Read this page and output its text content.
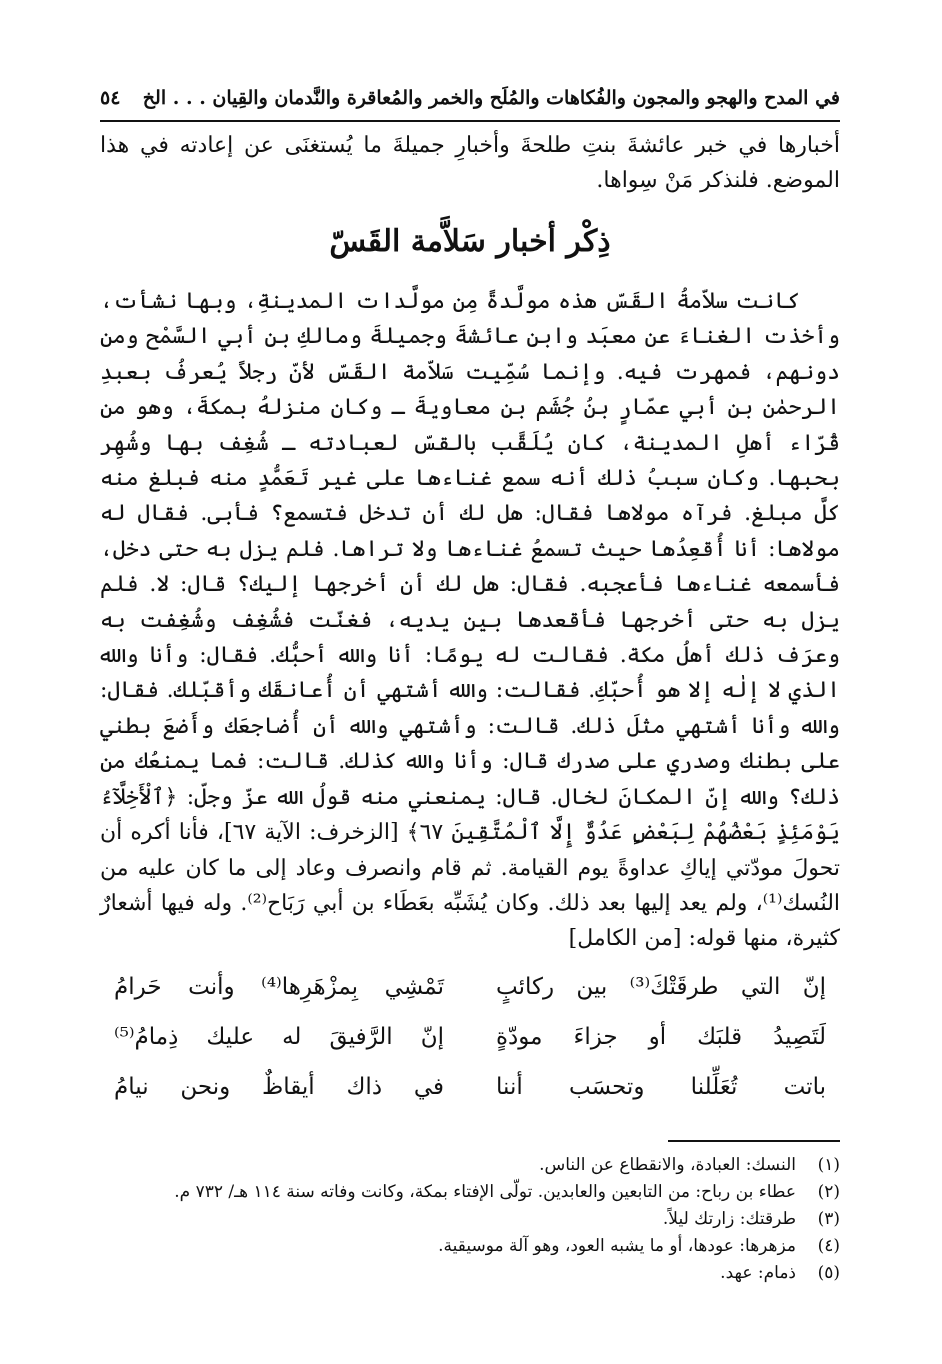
٥٤ في المدح والهجو والمجون والفُكاهات والمُلَح والخمر والمُعاقرة والنَّدمان والقِيان . . . الخ
أخبارها في خبر عائشةَ بنتِ طلحةَ وأخبارِ جميلةَ ما يُستغنَى عن إعادته في هذا الموضع. فلنذكر مَنْ سِواها.
ذِكْر أخبار سَلاَّمة القَسّ
كانت سلاّمةُ القَسّ هذه مولَّدةً مِن مولَّدات المدينةِ، وبها نشأت، وأخذت الغناءَ عن معبَد وابنِ عائشةَ وجميلةَ ومالكِ بنِ أبي السَّمْح ومن دونهم، فمهرت فيه. وإنما سُمِّيت سَلاّمة القَسّ لأنّ رجلاً يُعرفُ بعبدِ الرحمٰن بنِ أبي عمّارٍ بنُ جُشَم بنِ معاويةَ ـ وكان منزلهُ بمكةَ، وهو من قُرّاء أهلِ المدينة، كان يُلَقَّب بالقسّ لعبادته ـ شُغِف بها وشُهِر بحبها. وكان سببُ ذلك أنه سمع غناءها على غير تَعَمُّدٍ منه فبلغ منه كلَّ مبلغ. فرآه مولاها فقال: هل لك أن تدخل فتسمع؟ فأبى. فقال له مولاها: أنا أُقعِدُها حيث تسمعُ غناءها ولا تراها. فلم يزل به حتى دخل، فأسمعه غناءها فأعجبه. فقال: هل لك أن أخرجها إليك؟ قال: لا. فلم يزل به حتى أخرجها فأقعدها بين يديه، فغنّت فشُغِف وشُغِفت به وعرَف ذلك أهلُ مكة. فقالت له يومًا: أنا والله أحبُّك. فقال: وأنا والله الذي لا إلٰه إلا هو أُحبّكِ. فقالت: والله أشتهي أن أُعانقَك وأقبّلك. فقال: والله وأنا أشتهي مثلَ ذلك. قالت: وأشتهي والله أن أُضاجعَك وأَضعَ بطني على بطنك وصدري على صدرك قال: وأنا والله كذلك. قالت: فما يمنعُك من ذلك؟ والله إنّ المكانَ لخال. قال: يمنعني منه قولُ الله عزّ وجلّ: ﴿ٱلْأَخِلَّآءُ يَوْمَئِذٍ بَعْضُهُمْ لِبَعْضٍ عَدُوٌّ إِلَّا ٱلْمُتَّقِينَ ٦٧﴾ [الزخرف: الآية ٦٧]، فأنا أكره أن تحولَ مودّتي إياكِ عداوةً يوم القيامة. ثم قام وانصرف وعاد إلى ما كان عليه من النُسك⁽¹⁾، ولم يعد إليها بعد ذلك. وكان يُشَبِّه بعَطَاء بن أبي رَبَاح⁽²⁾. وله فيها أشعارٌ كثيرة، منها قوله: [من الكامل]
إنّ التي طرقَتْكَ⁽³⁾ بين ركائبٍ
تَمْشِي بِمزْهَرِها⁽⁴⁾ وأنت حَرامُ
لَتَصِيدُ قلبَك أو جزاءَ مودّةٍ
إنّ الرَّفيقَ له عليك ذِمامُ⁽⁵⁾
باتت تُعَلِّلنا وتحسَب أننا
في ذاك أيقاظٌ ونحن نيامُ
(١)
النسك: العبادة، والانقطاع عن الناس.
(٢)
عطاء بن رباح: من التابعين والعابدين. تولّى الإفتاء بمكة، وكانت وفاته سنة ١١٤ هـ/ ٧٣٢ م.
(٣)
طرقتك: زارتك ليلاً.
(٤)
مزهرها: عودها، أو ما يشبه العود، وهو آلة موسيقية.
(٥)
ذمام: عهد.
